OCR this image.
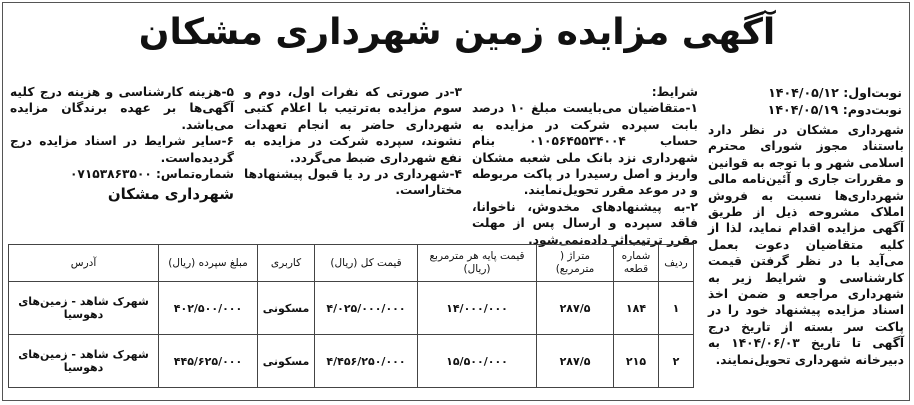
آگهی مزایده زمین شهرداری مشکان
نوبت‌اول: ۱۴۰۴/۰۵/۱۲
نوبت‌دوم: ۱۴۰۴/۰۵/۱۹

شهرداری مشکان در نظر دارد باستناد مجوز شورای محترم اسلامی شهر و با توجه به قوانین و مقررات جاری و آئین‌نامه مالی شهرداری‌ها نسبت به فروش املاک مشروحه ذیل از طریق آگهی مزایده اقدام نماید، لذا از کلیه متقاضیان دعوت بعمل می‌آید با در نظر گرفتن قیمت کارشناسی و شرایط زیر به شهرداری مراجعه و ضمن اخذ اسناد مزایده پیشنهاد خود را در پاکت سر بسته از تاریخ درج آگهی تا تاریخ ۱۴۰۴/۰۶/۰۳ به دبیرخانه شهرداری تحویل‌نمایند.

شرایط:

۱-متقاضیان می‌بایست مبلغ ۱۰ درصد بابت سپرده شرکت در مزایده به حساب ۰۱۰۵۶۴۵۵۳۴۰۰۴ بنام شهرداری نزد بانک ملی شعبه مشکان واریز و اصل رسیدرا در پاکت مربوطه و در موعد مقرر تحویل‌نمایند.

۲-به پیشنهادهای مخدوش، ناخوانا، فاقد سپرده و ارسال پس از مهلت مقرر ترتیب‌اثر داده‌نمی‌شود.

۳-در صورتی که نفرات اول، دوم و سوم مزایده به‌ترتیب با اعلام کتبی شهرداری حاضر به انجام تعهدات نشوند، سپرده شرکت در مزایده به نفع شهرداری ضبط می‌گردد.

۴-شهرداری در رد یا قبول پیشنهادها مختاراست.

۵-هزینه کارشناسی و هزینه درج کلیه آگهی‌ها بر عهده برندگان مزایده می‌باشد.

۶-سایر شرایط در اسناد مزایده درج گردیده‌است.

شماره‌تماس: ۰۷۱۵۳۸۶۳۵۰۰

شهرداری مشکان
ردیف	شماره قطعه	متراژ ( مترمربع)	قیمت پایه هر مترمربع (ریال)	قیمت کل (ریال)	کاربری	مبلغ سپرده (ریال)	آدرس
۱	۱۸۴	۲۸۷/۵	۱۴/۰۰۰/۰۰۰	۴/۰۲۵/۰۰۰/۰۰۰	مسکونی	۴۰۲/۵۰۰/۰۰۰	شهرک شاهد - زمین‌های دهوسیا
۲	۲۱۵	۲۸۷/۵	۱۵/۵۰۰/۰۰۰	۴/۴۵۶/۲۵۰/۰۰۰	مسکونی	۴۴۵/۶۲۵/۰۰۰	شهرک شاهد - زمین‌های دهوسیا
